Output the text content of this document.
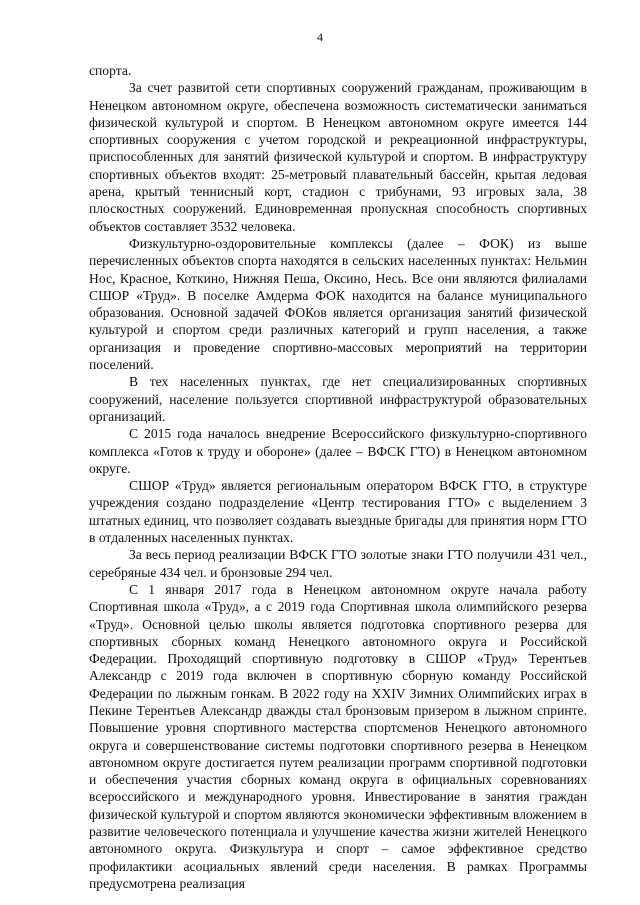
4

спорта.

За счет развитой сети спортивных сооружений гражданам, проживающим в Ненецком автономном округе, обеспечена возможность систематически заниматься физической культурой и спортом. В Ненецком автономном округе имеется 144 спортивных сооружения с учетом городской и рекреационной инфраструктуры, приспособленных для занятий физической культурой и спортом. В инфраструктуру спортивных объектов входят: 25-метровый плавательный бассейн, крытая ледовая арена, крытый теннисный корт, стадион с трибунами, 93 игровых зала, 38 плоскостных сооружений. Единовременная пропускная способность спортивных объектов составляет 3532 человека.

Физкультурно-оздоровительные комплексы (далее – ФОК) из выше перечисленных объектов спорта находятся в сельских населенных пунктах: Нельмин Нос, Красное, Коткино, Нижняя Пеша, Оксино, Несь. Все они являются филиалами СШОР «Труд». В поселке Амдерма ФОК находится на балансе муниципального образования. Основной задачей ФОКов является организация занятий физической культурой и спортом среди различных категорий и групп населения, а также организация и проведение спортивно-массовых мероприятий на территории поселений.

В тех населенных пунктах, где нет специализированных спортивных сооружений, население пользуется спортивной инфраструктурой образовательных организаций.

С 2015 года началось внедрение Всероссийского физкультурно-спортивного комплекса «Готов к труду и обороне» (далее – ВФСК ГТО) в Ненецком автономном округе.

СШОР «Труд» является региональным оператором ВФСК ГТО, в структуре учреждения создано подразделение «Центр тестирования ГТО» с выделением 3 штатных единиц, что позволяет создавать выездные бригады для принятия норм ГТО в отдаленных населенных пунктах.

За весь период реализации ВФСК ГТО золотые знаки ГТО получили 431 чел., серебряные 434 чел. и бронзовые 294 чел.

С 1 января 2017 года в Ненецком автономном округе начала работу Спортивная школа «Труд», а с 2019 года Спортивная школа олимпийского резерва «Труд». Основной целью школы является подготовка спортивного резерва для спортивных сборных команд Ненецкого автономного округа и Российской Федерации. Проходящий спортивную подготовку в СШОР «Труд» Терентьев Александр с 2019 года включен в спортивную сборную команду Российской Федерации по лыжным гонкам. В 2022 году на XXIV Зимних Олимпийских играх в Пекине Терентьев Александр дважды стал бронзовым призером в лыжном спринте. Повышение уровня спортивного мастерства спортсменов Ненецкого автономного округа и совершенствование системы подготовки спортивного резерва в Ненецком автономном округе достигается путем реализации программ спортивной подготовки и обеспечения участия сборных команд округа в официальных соревнованиях всероссийского и международного уровня. Инвестирование в занятия граждан физической культурой и спортом являются экономически эффективным вложением в развитие человеческого потенциала и улучшение качества жизни жителей Ненецкого автономного округа. Физкультура и спорт – самое эффективное средство профилактики асоциальных явлений среди населения. В рамках Программы предусмотрена реализация
